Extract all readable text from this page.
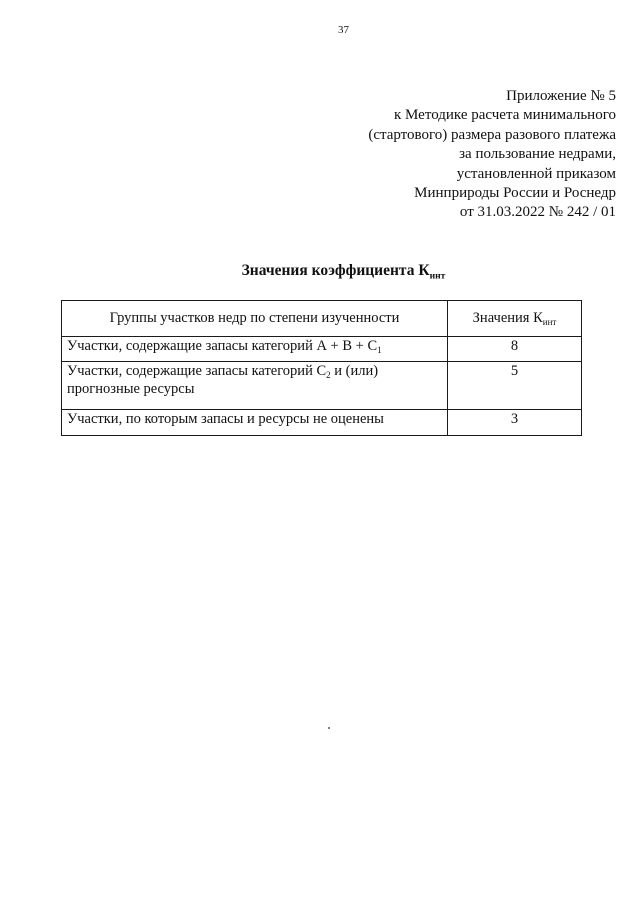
37
Приложение № 5
к Методике расчета минимального
(стартового) размера разового платежа
за пользование недрами,
установленной приказом
Минприроды России и Роснедр
от 31.03.2022 № 242 / 01
Значения коэффициента $К_{инт}$
Группы участков недр по степени изученности	Значения $К_{инт}$
Участки, содержащие запасы категорий $А + В + С_1$	8
Участки, содержащие запасы категорий $С_2$ и (или) прогнозные ресурсы	5
Участки, по которым запасы и ресурсы не оценены	3
